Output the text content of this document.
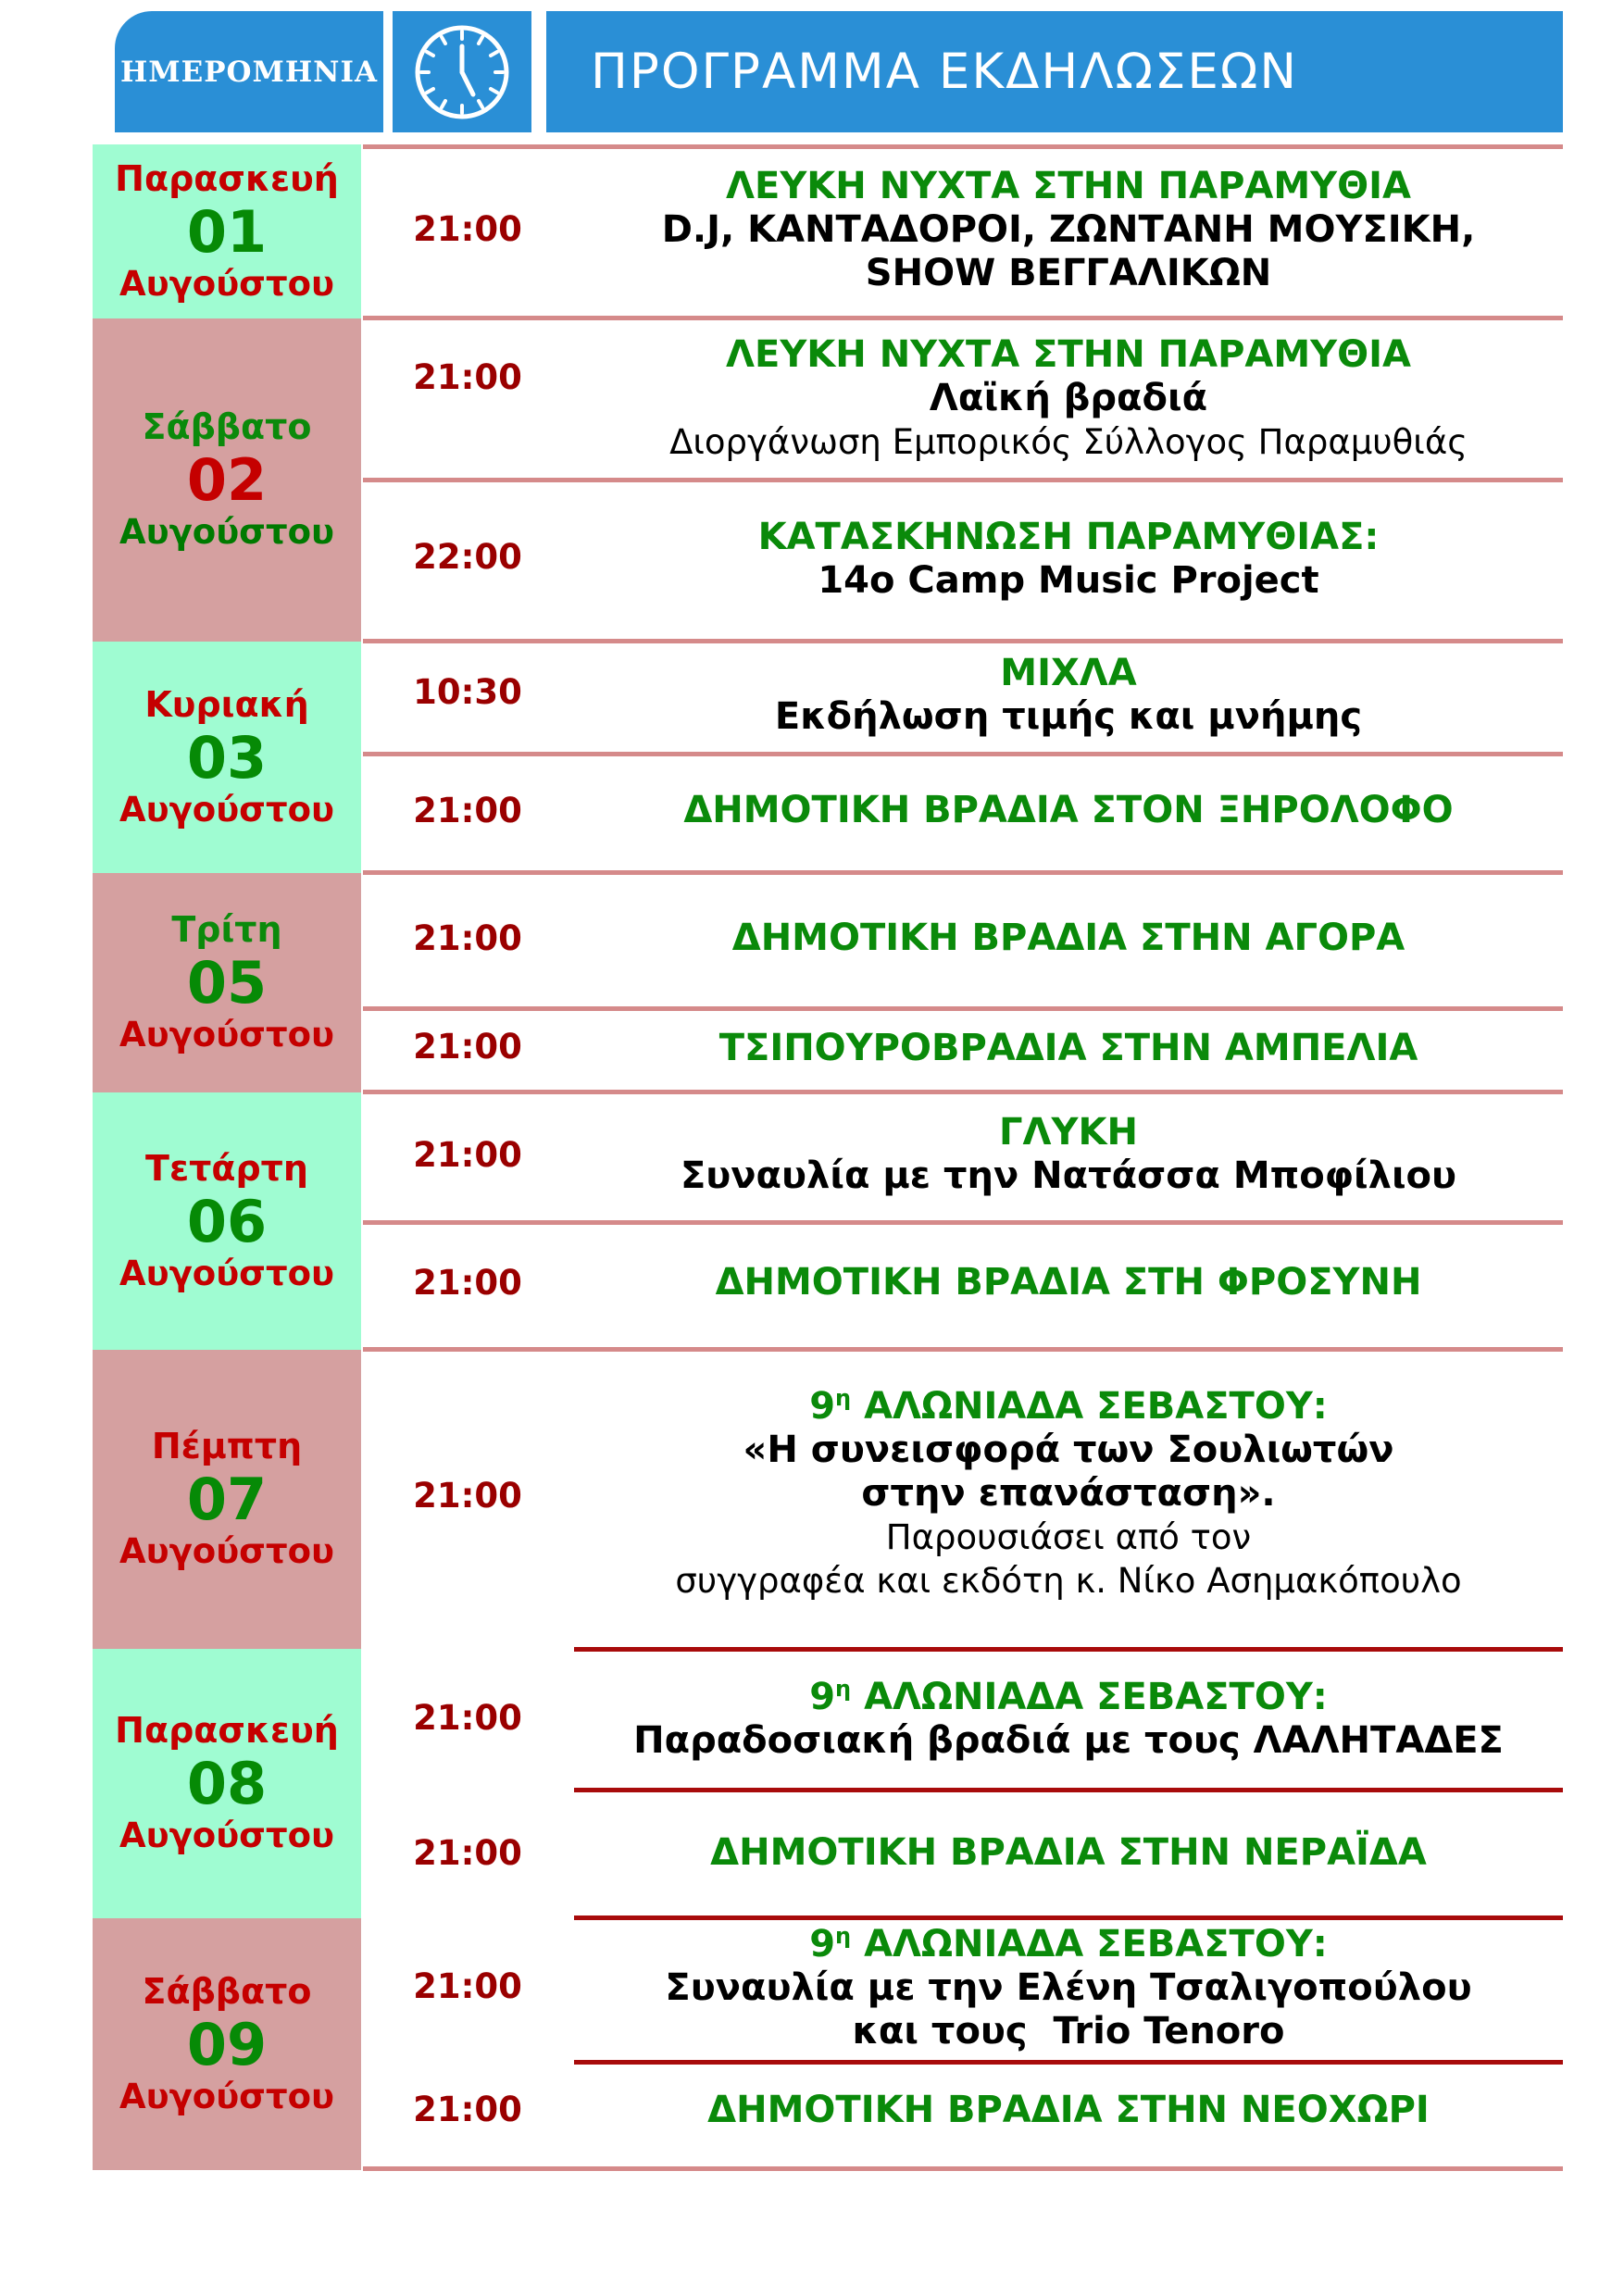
ΗΜΕΡΟΜΗΝΙΑ	ΠΡΟΓΡΑΜΜΑ ΕΚΔΗΛΩΣΕΩΝ
Παρασκευή
01
Αυγούστου
Σάββατο
02
Αυγούστου
Κυριακή
03
Αυγούστου
Τρίτη
05
Αυγούστου
Τετάρτη
06
Αυγούστου
Πέμπτη
07
Αυγούστου
Παρασκευή
08
Αυγούστου
Σάββατο
09
Αυγούστου
21:00
21:00
22:00
10:30
21:00
21:00
21:00
21:00
21:00
21:00
21:00
21:00
21:00
21:00
ΛΕΥΚΗ ΝΥΧΤΑ ΣΤΗΝ ΠΑΡΑΜΥΘΙΑ
D.J, ΚΑΝΤΑΔΟΡΟΙ, ΖΩΝΤΑΝΗ ΜΟΥΣΙΚΗ,
SHOW ΒΕΓΓΑΛΙΚΩΝ
ΛΕΥΚΗ ΝΥΧΤΑ ΣΤΗΝ ΠΑΡΑΜΥΘΙΑ
Λαϊκή βραδιά
Διοργάνωση Εμπορικός Σύλλογος Παραμυθιάς
ΚΑΤΑΣΚΗΝΩΣΗ ΠΑΡΑΜΥΘΙΑΣ:
14ο Camp Music Project
ΜΙΧΛΑ
Εκδήλωση τιμής και μνήμης
ΔΗΜΟΤΙΚΗ ΒΡΑΔΙΑ ΣΤΟΝ ΞΗΡΟΛΟΦΟ
ΔΗΜΟΤΙΚΗ ΒΡΑΔΙΑ ΣΤΗΝ ΑΓΟΡΑ
ΤΣΙΠΟΥΡΟΒΡΑΔΙΑ ΣΤΗΝ ΑΜΠΕΛΙΑ
ΓΛΥΚΗ
Συναυλία με την Νατάσσα Μποφίλιου
ΔΗΜΟΤΙΚΗ ΒΡΑΔΙΑ ΣΤΗ ΦΡΟΣΥΝΗ
$9^\eta$ ΑΛΩΝΙΑΔΑ ΣΕΒΑΣΤΟΥ:
«Η συνεισφορά των Σουλιωτών
στην επανάσταση».
Παρουσιάσει από τον
συγγραφέα και εκδότη κ. Νίκο Ασημακόπουλο
$9^\eta$ ΑΛΩΝΙΑΔΑ ΣΕΒΑΣΤΟΥ:
Παραδοσιακή βραδιά με τους ΛΑΛΗΤΑΔΕΣ
ΔΗΜΟΤΙΚΗ ΒΡΑΔΙΑ ΣΤΗΝ ΝΕΡΑΪΔΑ
$9^\eta$ ΑΛΩΝΙΑΔΑ ΣΕΒΑΣΤΟΥ:
Συναυλία με την Ελένη Τσαλιγοπούλου
και τους  Trio Tenoro
ΔΗΜΟΤΙΚΗ ΒΡΑΔΙΑ ΣΤΗΝ ΝΕΟΧΩΡΙ
